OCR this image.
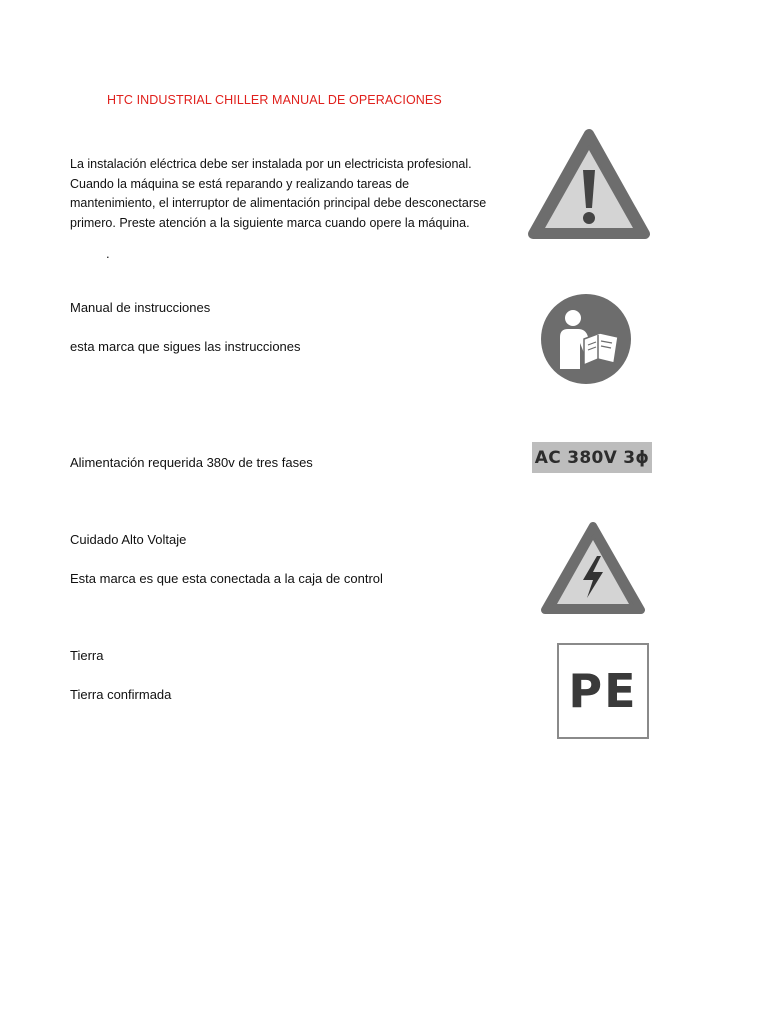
HTC INDUSTRIAL CHILLER MANUAL DE OPERACIONES
La instalación eléctrica debe ser instalada por un electricista profesional.
Cuando la máquina se está reparando y realizando tareas de
mantenimiento, el interruptor de alimentación principal debe desconectarse
primero. Preste atención a la siguiente marca cuando opere la máquina.
.
Manual de instrucciones
esta marca que sigues las instrucciones
Alimentación requerida 380v de tres fases	AC 380V 3ϕ
Cuidado Alto Voltaje
Esta marca es que esta conectada a la caja de control
Tierra
Tierra confirmada	PE
